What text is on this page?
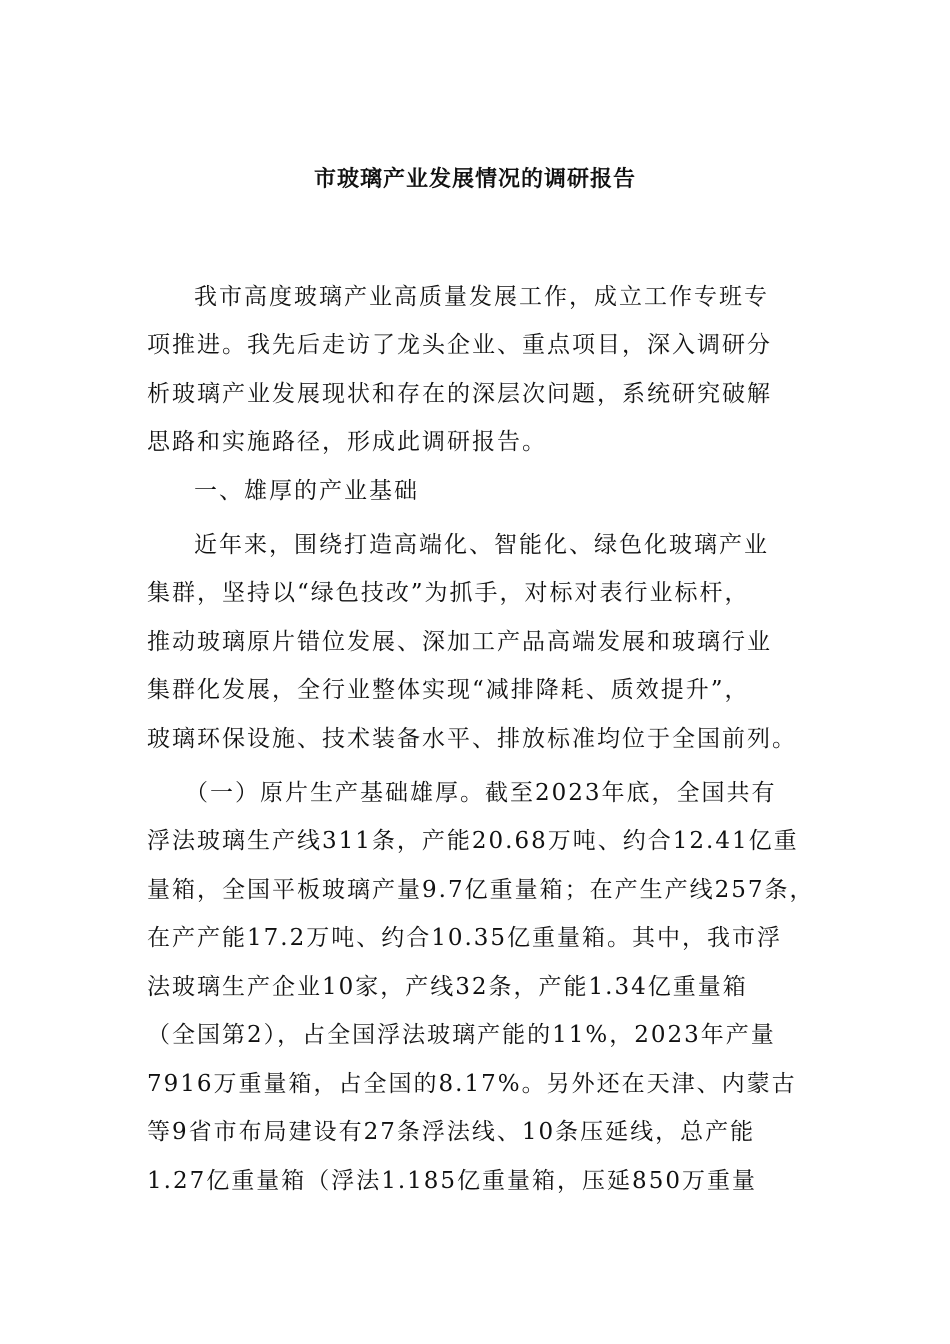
市玻璃产业发展情况的调研报告
我市高度玻璃产业高质量发展工作，成立工作专班专
项推进。我先后走访了龙头企业、重点项目，深入调研分
析玻璃产业发展现状和存在的深层次问题，系统研究破解
思路和实施路径，形成此调研报告。
一、雄厚的产业基础
近年来，围绕打造高端化、智能化、绿色化玻璃产业
集群，坚持以“绿色技改”为抓手，对标对表行业标杆，
推动玻璃原片错位发展、深加工产品高端发展和玻璃行业
集群化发展，全行业整体实现“减排降耗、质效提升”，
玻璃环保设施、技术装备水平、排放标准均位于全国前列。
（一）原片生产基础雄厚。截至2023年底，全国共有
浮法玻璃生产线311条，产能20.68万吨、约合12.41亿重
量箱，全国平板玻璃产量9.7亿重量箱；在产生产线257条，
在产产能17.2万吨、约合10.35亿重量箱。其中，我市浮
法玻璃生产企业10家，产线32条，产能1.34亿重量箱
（全国第2），占全国浮法玻璃产能的11%，2023年产量
7916万重量箱，占全国的8.17%。另外还在天津、内蒙古
等9省市布局建设有27条浮法线、10条压延线，总产能
1.27亿重量箱（浮法1.185亿重量箱，压延850万重量
